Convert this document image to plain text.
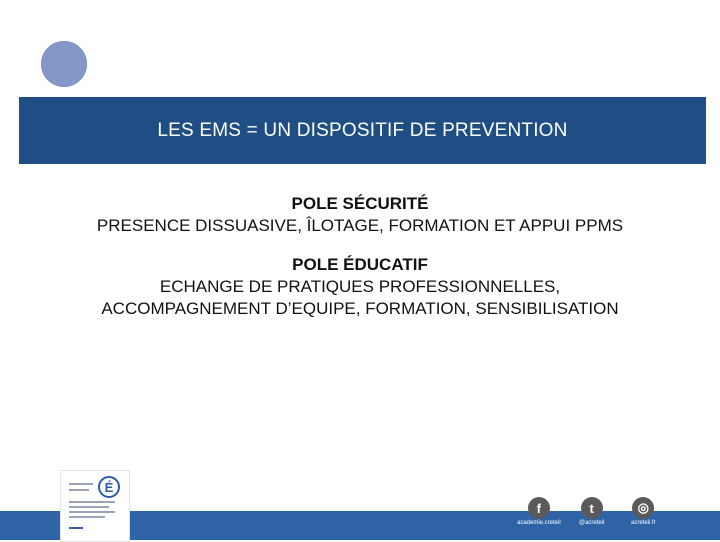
LES EMS = UN DISPOSITIF DE PREVENTION
POLE SÉCURITÉ
PRESENCE DISSUASIVE, ÎLOTAGE, FORMATION ET APPUI PPMS
POLE ÉDUCATIF
ECHANGE DE PRATIQUES PROFESSIONNELLES,
ACCOMPAGNEMENT D’EQUIPE, FORMATION, SENSIBILISATION
É
f
academie.creteil
t
@acreteil
◎
acreteil.fr
